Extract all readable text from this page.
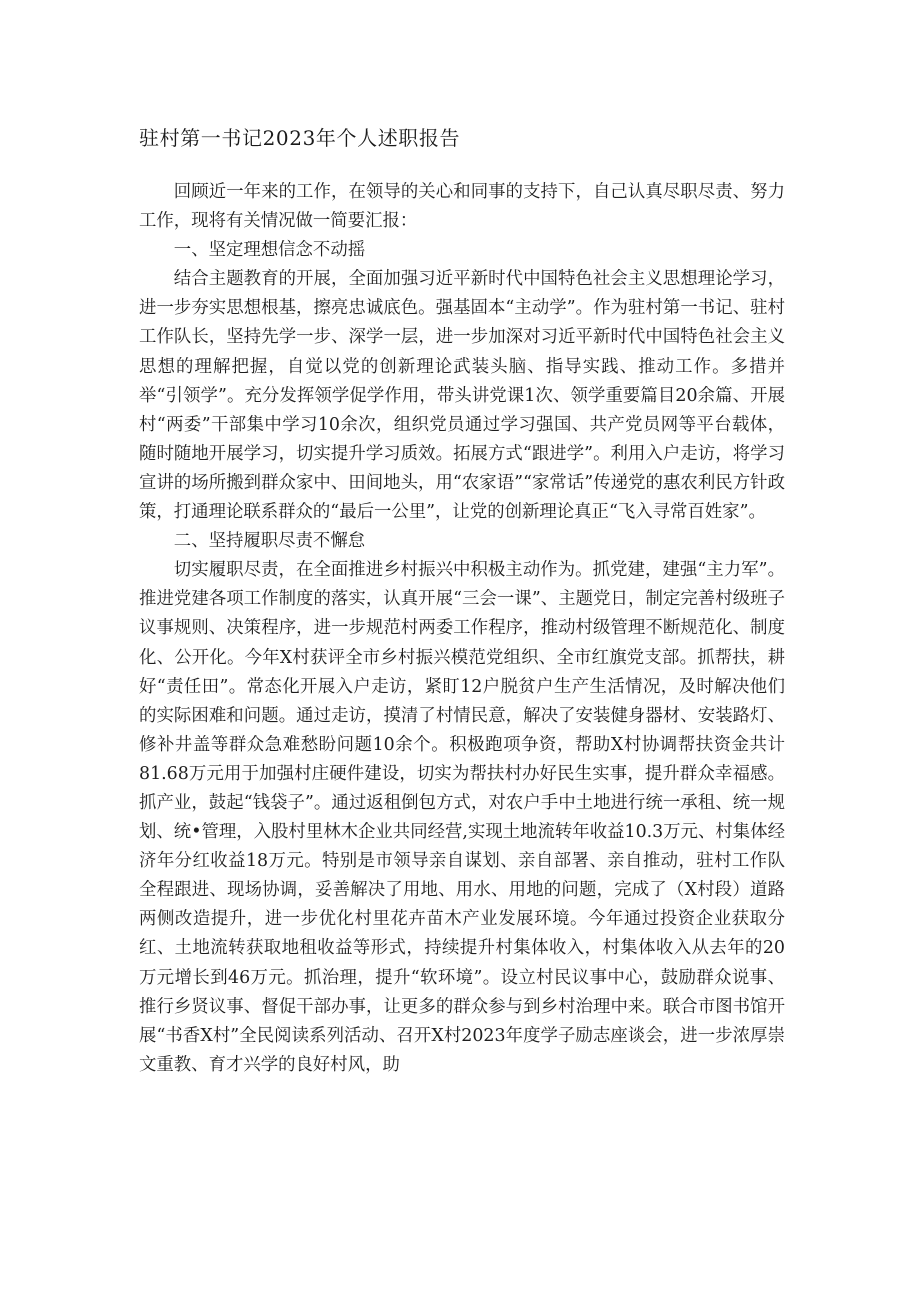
驻村第一书记2023年个人述职报告

回顾近一年来的工作，在领导的关心和同事的支持下，自己认真尽职尽责、努力工作，现将有关情况做一简要汇报：

一、坚定理想信念不动摇

结合主题教育的开展，全面加强习近平新时代中国特色社会主义思想理论学习，进一步夯实思想根基，擦亮忠诚底色。强基固本“主动学”。作为驻村第一书记、驻村工作队长，坚持先学一步、深学一层，进一步加深对习近平新时代中国特色社会主义思想的理解把握，自觉以党的创新理论武装头脑、指导实践、推动工作。多措并举“引领学”。充分发挥领学促学作用，带头讲党课1次、领学重要篇目20余篇、开展村“两委”干部集中学习10余次，组织党员通过学习强国、共产党员网等平台载体，随时随地开展学习，切实提升学习质效。拓展方式“跟进学”。利用入户走访，将学习宣讲的场所搬到群众家中、田间地头，用“农家语”“家常话”传递党的惠农利民方针政策，打通理论联系群众的“最后一公里”，让党的创新理论真正“飞入寻常百姓家”。

二、坚持履职尽责不懈怠

切实履职尽责，在全面推进乡村振兴中积极主动作为。抓党建，建强“主力军”。推进党建各项工作制度的落实，认真开展“三会一课”、主题党日，制定完善村级班子议事规则、决策程序，进一步规范村两委工作程序，推动村级管理不断规范化、制度化、公开化。今年X村获评全市乡村振兴模范党组织、全市红旗党支部。抓帮扶，耕好“责任田”。常态化开展入户走访，紧盯12户脱贫户生产生活情况，及时解决他们的实际困难和问题。通过走访，摸清了村情民意，解决了安装健身器材、安装路灯、修补井盖等群众急难愁盼问题10余个。积极跑项争资，帮助X村协调帮扶资金共计81.68万元用于加强村庄硬件建设，切实为帮扶村办好民生实事，提升群众幸福感。抓产业，鼓起“钱袋子”。通过返租倒包方式，对农户手中土地进行统一承租、统一规划、统•管理，入股村里林木企业共同经营,实现土地流转年收益10.3万元、村集体经济年分红收益18万元。特别是市领导亲自谋划、亲自部署、亲自推动，驻村工作队全程跟进、现场协调，妥善解决了用地、用水、用地的问题，完成了（X村段）道路两侧改造提升，进一步优化村里花卉苗木产业发展环境。今年通过投资企业获取分红、土地流转获取地租收益等形式，持续提升村集体收入，村集体收入从去年的20万元增长到46万元。抓治理，提升“软环境”。设立村民议事中心，鼓励群众说事、推行乡贤议事、督促干部办事，让更多的群众参与到乡村治理中来。联合市图书馆开展“书香X村”全民阅读系列活动、召开X村2023年度学子励志座谈会，进一步浓厚崇文重教、育才兴学的良好村风，助
